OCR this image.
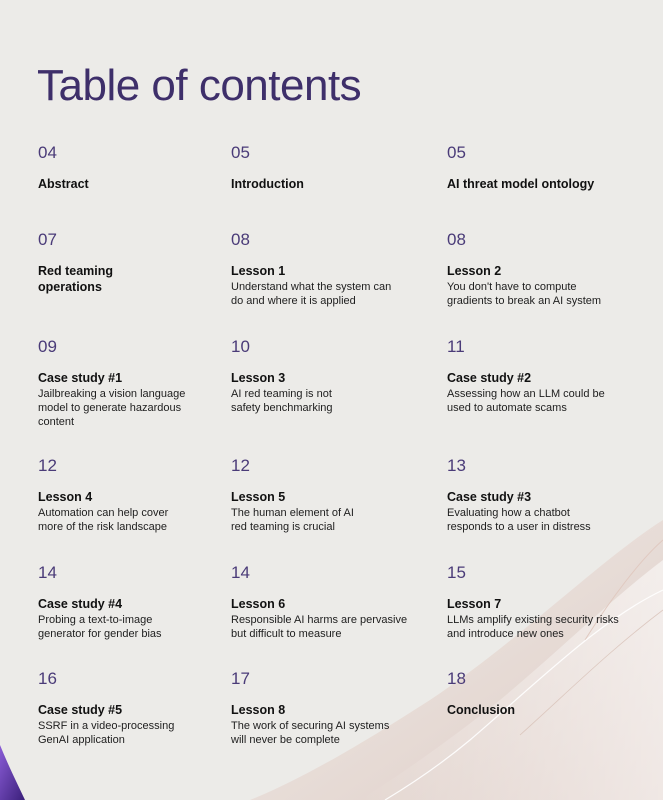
Table of contents
04
Abstract
05
Introduction
05
AI threat model ontology
07
Red teaming operations
08
Lesson 1
Understand what the system can do and where it is applied
08
Lesson 2
You don't have to compute gradients to break an AI system
09
Case study #1
Jailbreaking a vision language model to generate hazardous content
10
Lesson 3
AI red teaming is not safety benchmarking
11
Case study #2
Assessing how an LLM could be used to automate scams
12
Lesson 4
Automation can help cover more of the risk landscape
12
Lesson 5
The human element of AI red teaming is crucial
13
Case study #3
Evaluating how a chatbot responds to a user in distress
14
Case study #4
Probing a text-to-image generator for gender bias
14
Lesson 6
Responsible AI harms are pervasive but difficult to measure
15
Lesson 7
LLMs amplify existing security risks and introduce new ones
16
Case study #5
SSRF in a video-processing GenAI application
17
Lesson 8
The work of securing AI systems will never be complete
18
Conclusion
